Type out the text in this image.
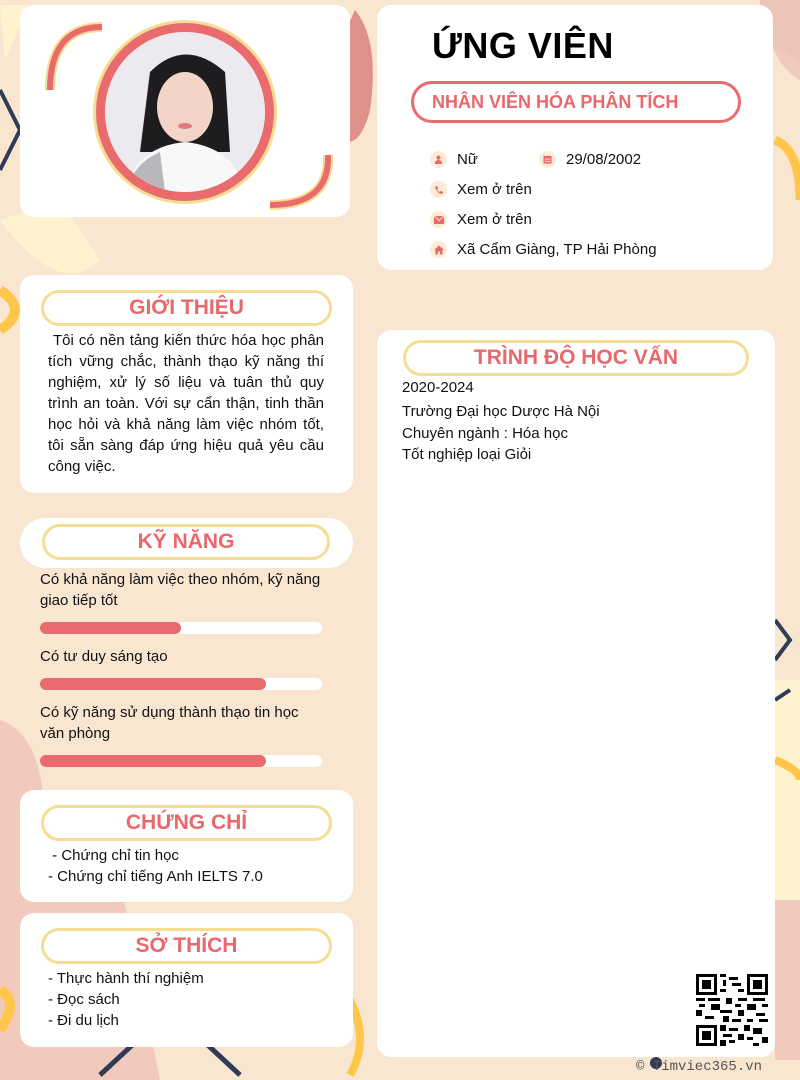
ỨNG VIÊN
NHÂN VIÊN HÓA PHÂN TÍCH
Nữ	29/08/2002
Xem ở trên
Xem ở trên
Xã Cẩm Giàng, TP Hải Phòng
GIỚI THIỆU

Tôi có nền tảng kiến thức hóa học phân tích vững chắc, thành thạo kỹ năng thí nghiệm, xử lý số liệu và tuân thủ quy trình an toàn. Với sự cẩn thận, tinh thần học hỏi và khả năng làm việc nhóm tốt, tôi sẵn sàng đáp ứng hiệu quả yêu cầu công việc.

KỸ NĂNG
Có khả năng làm việc theo nhóm, kỹ năng giao tiếp tốt
Có tư duy sáng tạo
Có kỹ năng sử dụng thành thạo tin học văn phòng
CHỨNG CHỈ
- Chứng chỉ tin học
- Chứng chỉ tiếng Anh IELTS 7.0
SỞ THÍCH
- Thực hành thí nghiệm
- Đọc sách
- Đi du lịch
TRÌNH ĐỘ HỌC VẤN
2020-2024
Trường Đại học Dược Hà Nội
Chuyên ngành : Hóa học
Tốt nghiệp loại Giỏi
© Timviec365.vn
